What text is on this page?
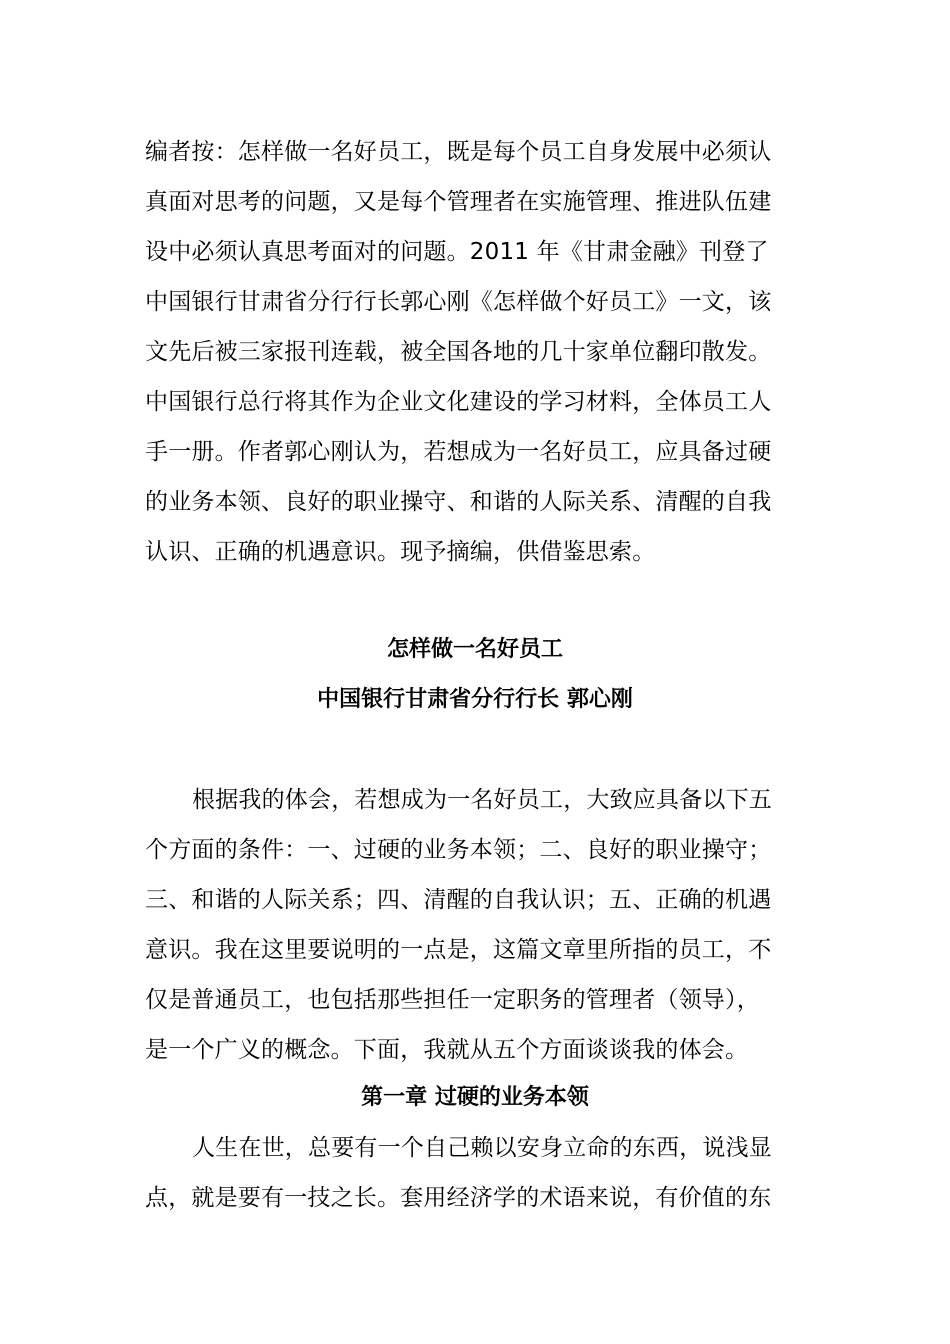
编者按：怎样做一名好员工，既是每个员工自身发展中必须认
真面对思考的问题，又是每个管理者在实施管理、推进队伍建
设中必须认真思考面对的问题。2011 年《甘肃金融》刊登了
中国银行甘肃省分行行长郭心刚《怎样做个好员工》一文，该
文先后被三家报刊连载，被全国各地的几十家单位翻印散发。
中国银行总行将其作为企业文化建设的学习材料，全体员工人
手一册。作者郭心刚认为，若想成为一名好员工，应具备过硬
的业务本领、良好的职业操守、和谐的人际关系、清醒的自我
认识、正确的机遇意识。现予摘编，供借鉴思索。
怎样做一名好员工
中国银行甘肃省分行行长 郭心刚
根据我的体会，若想成为一名好员工，大致应具备以下五
个方面的条件：一、过硬的业务本领；二、良好的职业操守；
三、和谐的人际关系；四、清醒的自我认识；五、正确的机遇
意识。我在这里要说明的一点是，这篇文章里所指的员工，不
仅是普通员工，也包括那些担任一定职务的管理者（领导），
是一个广义的概念。下面，我就从五个方面谈谈我的体会。
第一章 过硬的业务本领
人生在世，总要有一个自己赖以安身立命的东西，说浅显
点，就是要有一技之长。套用经济学的术语来说，有价值的东
